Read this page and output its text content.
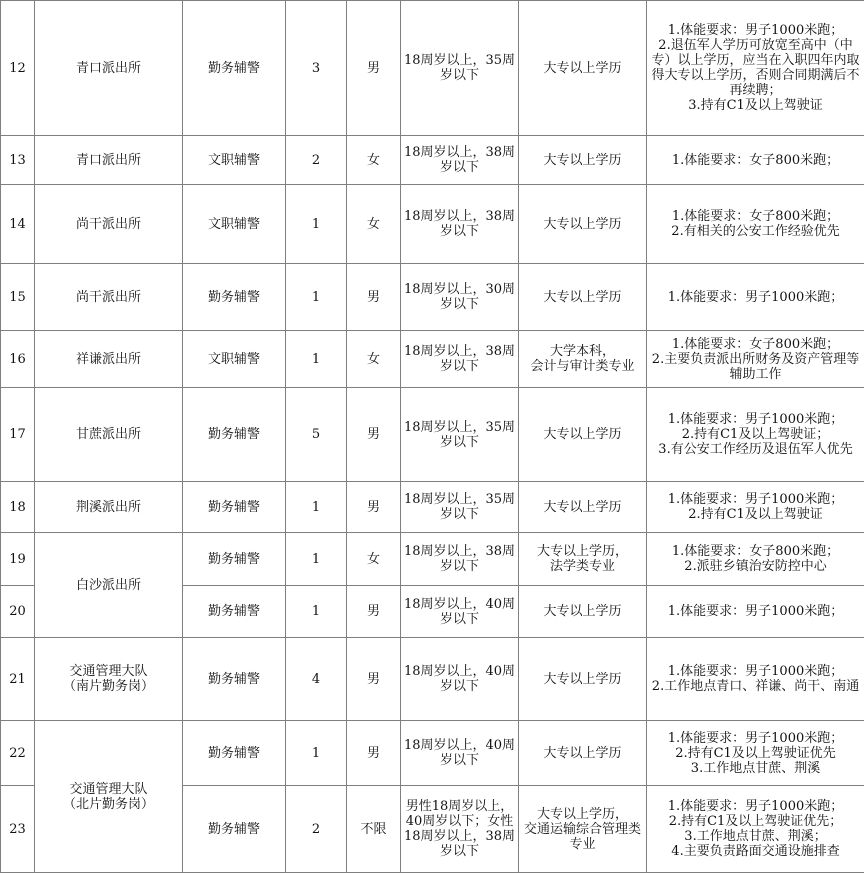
12	青口派出所	勤务辅警	3	男	18周岁以上，35周
岁以下	大专以上学历	1.体能要求：男子1000米跑；
2.退伍军人学历可放宽至高中（中专）以上学历，应当在入职四年内取得大专以上学历，否则合同期满后不再续聘；
3.持有C1及以上驾驶证
13	青口派出所	文职辅警	2	女	18周岁以上，38周
岁以下	大专以上学历	1.体能要求：女子800米跑；
14	尚干派出所	文职辅警	1	女	18周岁以上，38周
岁以下	大专以上学历	1.体能要求：女子800米跑；
2.有相关的公安工作经验优先
15	尚干派出所	勤务辅警	1	男	18周岁以上，30周
岁以下	大专以上学历	1.体能要求：男子1000米跑；
16	祥谦派出所	文职辅警	1	女	18周岁以上，38周
岁以下	大学本科，
会计与审计类专业	1.体能要求：女子800米跑；
2.主要负责派出所财务及资产管理等辅助工作
17	甘蔗派出所	勤务辅警	5	男	18周岁以上，35周
岁以下	大专以上学历	1.体能要求：男子1000米跑；
2.持有C1及以上驾驶证；
3.有公安工作经历及退伍军人优先
18	荆溪派出所	勤务辅警	1	男	18周岁以上，35周
岁以下	大专以上学历	1.体能要求：男子1000米跑；
2.持有C1及以上驾驶证
19	白沙派出所	勤务辅警	1	女	18周岁以上，38周
岁以下	大专以上学历，
法学类专业	1.体能要求：女子800米跑；
2.派驻乡镇治安防控中心
20		勤务辅警	1	男	18周岁以上，40周
岁以下	大专以上学历	1.体能要求：男子1000米跑；
21	交通管理大队
（南片勤务岗）	勤务辅警	4	男	18周岁以上，40周
岁以下	大专以上学历	1.体能要求：男子1000米跑；
2.工作地点青口、祥谦、尚干、南通
22	交通管理大队
（北片勤务岗）	勤务辅警	1	男	18周岁以上，40周
岁以下	大专以上学历	1.体能要求：男子1000米跑；
2.持有C1及以上驾驶证优先
3.工作地点甘蔗、荆溪
23		勤务辅警	2	不限	男性18周岁以上，40周岁以下；女性18周岁以上，38周岁以下	大专以上学历，
交通运输综合管理类专业	1.体能要求：男子1000米跑；
2.持有C1及以上驾驶证优先；
3.工作地点甘蔗、荆溪；
4.主要负责路面交通设施排查
